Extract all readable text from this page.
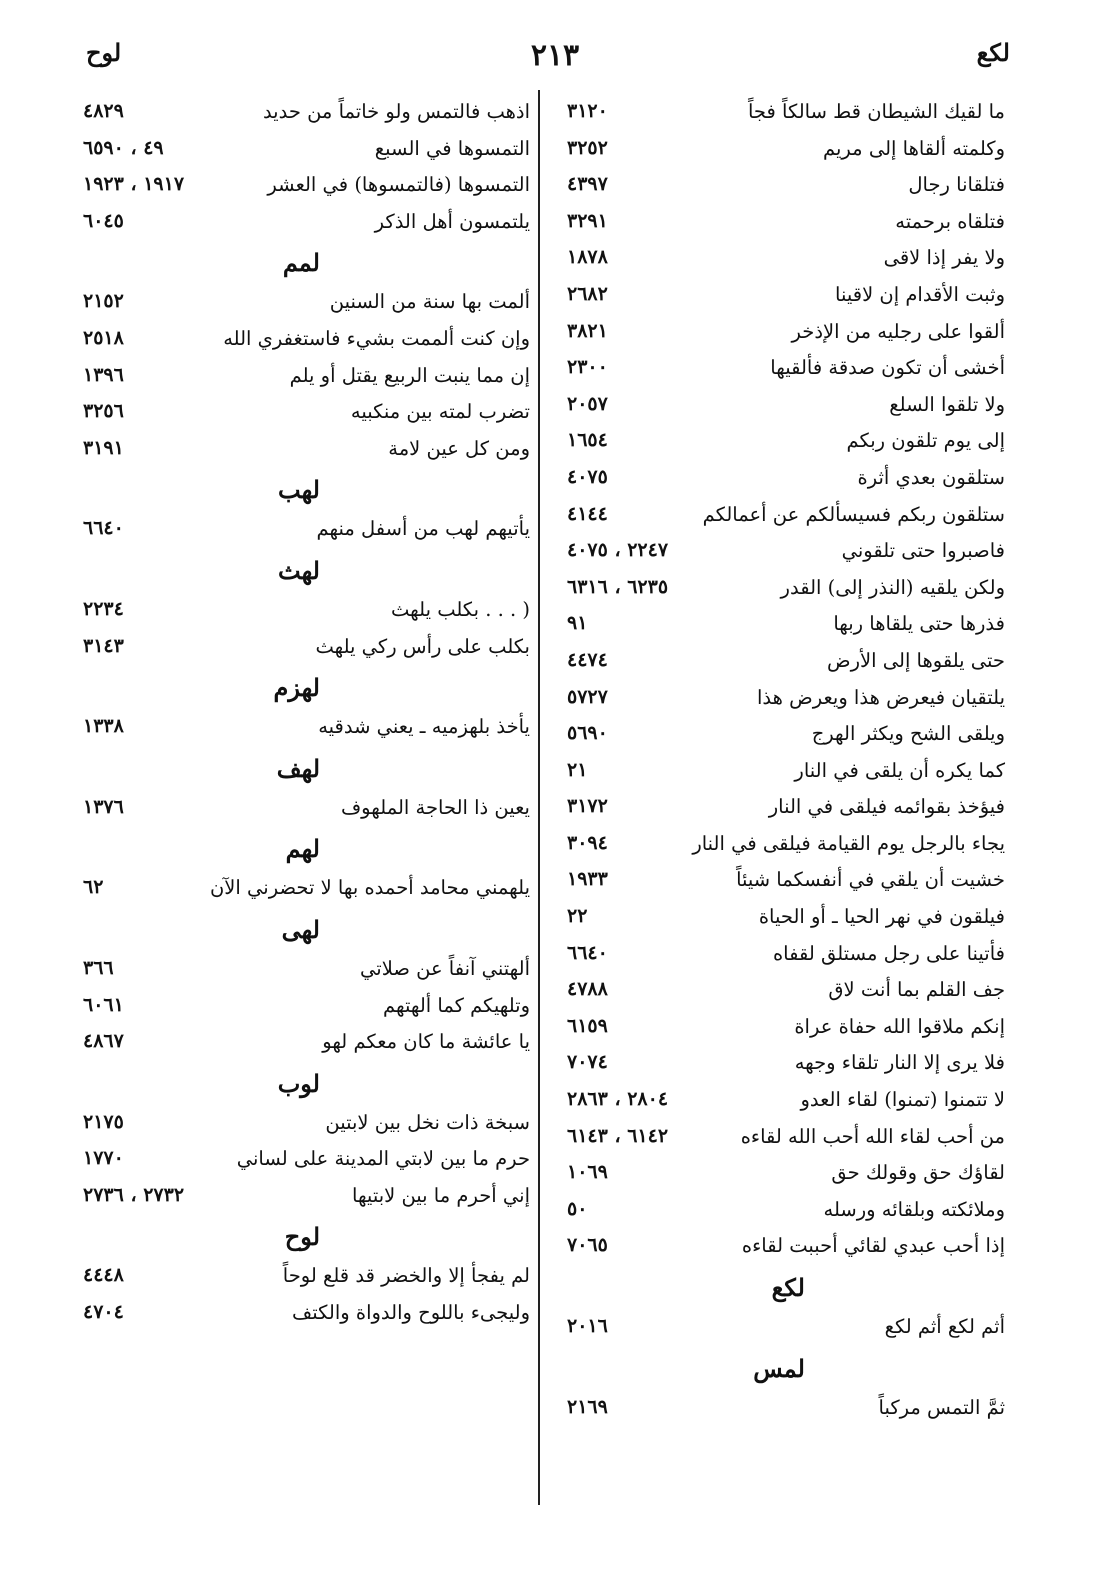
لكع
٢١٣
لوح
ما لقيك الشيطان قط سالكاً فجاً
٣١٢٠
وكلمته ألقاها إلى مريم
٣٢٥٢
فتلقانا رجال
٤٣٩٧
فتلقاه برحمته
٣٢٩١
ولا يفر إذا لاقى
١٨٧٨
وثبت الأقدام إن لاقينا
٢٦٨٢
ألقوا على رجليه من الإذخر
٣٨٢١
أخشى أن تكون صدقة فألقيها
٢٣٠٠
ولا تلقوا السلع
٢٠٥٧
إلى يوم تلقون ربكم
١٦٥٤
ستلقون بعدي أثرة
٤٠٧٥
ستلقون ربكم فسيسألكم عن أعمالكم
٤١٤٤
فاصبروا حتى تلقوني
٢٢٤٧ ، ٤٠٧٥
ولكن يلقيه (النذر إلى) القدر
٦٢٣٥ ، ٦٣١٦
فذرها حتى يلقاها ربها
٩١
حتى يلقوها إلى الأرض
٤٤٧٤
يلتقيان فيعرض هذا ويعرض هذا
٥٧٢٧
ويلقى الشح ويكثر الهرج
٥٦٩٠
كما يكره أن يلقى في النار
٢١
فيؤخذ بقوائمه فيلقى في النار
٣١٧٢
يجاء بالرجل يوم القيامة فيلقى في النار
٣٠٩٤
خشيت أن يلقي في أنفسكما شيئاً
١٩٣٣
فيلقون في نهر الحيا ـ أو الحياة
٢٢
فأتينا على رجل مستلق لقفاه
٦٦٤٠
جف القلم بما أنت لاق
٤٧٨٨
إنكم ملاقوا الله حفاة عراة
٦١٥٩
فلا يرى إلا النار تلقاء وجهه
٧٠٧٤
لا تتمنوا (تمنوا) لقاء العدو
٢٨٠٤ ، ٢٨٦٣
من أحب لقاء الله أحب الله لقاءه
٦١٤٢ ، ٦١٤٣
لقاؤك حق وقولك حق
١٠٦٩
وملائكته وبلقائه ورسله
٥٠
إذا أحب عبدي لقائي أحببت لقاءه
٧٠٦٥
لكع
أثم لكع أثم لكع
٢٠١٦
لمس
ثمَّ التمس مركباً
٢١٦٩
اذهب فالتمس ولو خاتماً من حديد
٤٨٢٩
التمسوها في السبع
٤٩ ، ٦٥٩٠
التمسوها (فالتمسوها) في العشر
١٩١٧ ، ١٩٢٣
يلتمسون أهل الذكر
٦٠٤٥
لمم
ألمت بها سنة من السنين
٢١٥٢
وإن كنت ألممت بشيء فاستغفري الله
٢٥١٨
إن مما ينبت الربيع يقتل أو يلم
١٣٩٦
تضرب لمته بين منكبيه
٣٢٥٦
ومن كل عين لامة
٣١٩١
لهب
يأتيهم لهب من أسفل منهم
٦٦٤٠
لهث
( . . . بكلب يلهث
٢٢٣٤
بكلب على رأس ركي يلهث
٣١٤٣
لهزم
يأخذ بلهزميه ـ يعني شدقيه
١٣٣٨
لهف
يعين ذا الحاجة الملهوف
١٣٧٦
لهم
يلهمني محامد أحمده بها لا تحضرني الآن
٦٢
لهى
ألهتني آنفاً عن صلاتي
٣٦٦
وتلهيكم كما ألهتهم
٦٠٦١
يا عائشة ما كان معكم لهو
٤٨٦٧
لوب
سبخة ذات نخل بين لابتين
٢١٧٥
حرم ما بين لابتي المدينة على لساني
١٧٧٠
إني أحرم ما بين لابتيها
٢٧٣٢ ، ٢٧٣٦
لوح
لم يفجأ إلا والخضر قد قلع لوحاً
٤٤٤٨
وليجىء باللوح والدواة والكتف
٤٧٠٤
